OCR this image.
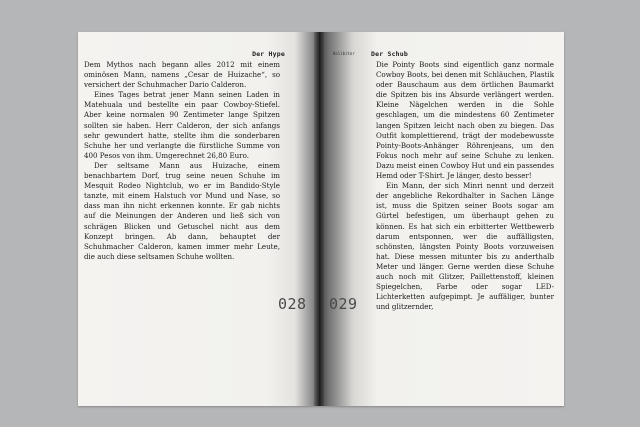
Der Hype

Dem Mythos nach begann alles 2012 mit einem ominösen Mann, namens „Cesar de Huizache“, so versichert der Schuhmacher Dario Calderon.

Eines Tages betrat jener Mann seinen Laden in Matehuala und bestellte ein paar Cowboy-Stiefel. Aber keine normalen 90 Zentimeter lange Spitzen sollten sie haben. Herr Calderon, der sich anfangs sehr gewundert hatte, stellte ihm die sonderbaren Schuhe her und verlangte die fürstliche Summe von 400 Pesos von ihm. Umgerechnet 26,80 Euro.

Der seltsame Mann aus Huizache, einem benachbartem Dorf, trug seine neuen Schuhe im Mesquit Rodeo Nightclub, wo er im Bandido-Style tanzte, mit einem Halstuch vor Mund und Nase, so dass man ihn nicht erkennen konnte. Er gab nichts auf die Meinungen der Anderen und ließ sich von schrägen Blicken und Getuschel nicht aus dem Konzept bringen. Ab dann, behauptet der Schuhmacher Calderon, kamen immer mehr Leute, die auch diese seltsamen Schuhe wollten.

028
Kolibitor	Der Schub

Die Pointy Boots sind eigentlich ganz normale Cowboy Boots, bei denen mit Schläuchen, Plastik oder Bauschaum aus dem örtlichen Baumarkt die Spitzen bis ins Absurde verlängert werden. Kleine Nägelchen werden in die Sohle geschlagen, um die mindestens 60 Zentimeter langen Spitzen leicht nach oben zu biegen. Das Outfit komplettierend, trägt der modebewusste Pointy-Boots-Anhänger Röhrenjeans, um den Fokus noch mehr auf seine Schuhe zu lenken. Dazu meist einen Cowboy Hut und ein passendes Hemd oder T-Shirt. Je länger, desto besser!

Ein Mann, der sich Minri nennt und derzeit der angebliche Rekordhalter in Sachen Länge ist, muss die Spitzen seiner Boots sogar am Gürtel befestigen, um überhaupt gehen zu können. Es hat sich ein erbitterter Wettbewerb darum entsponnen, wer die auffälligsten, schönsten, längsten Pointy Boots vorzuweisen hat. Diese messen mitunter bis zu anderthalb Meter und länger. Gerne werden diese Schuhe auch noch mit Glitzer, Paillettenstoff, kleinen Spiegelchen, Farbe oder sogar LED-Lichterketten aufgepimpt. Je auffäliger, bunter und glitzernder,

029
